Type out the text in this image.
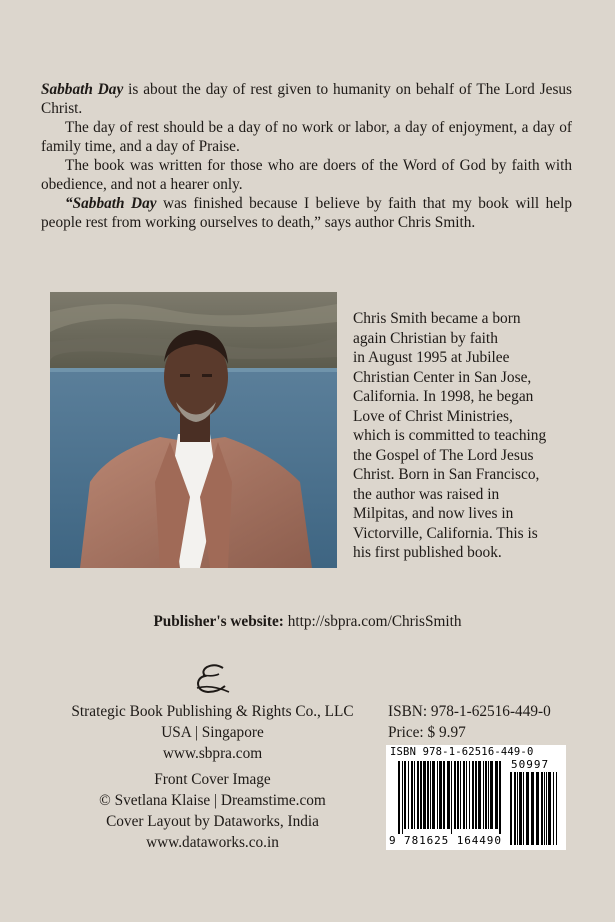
Sabbath Day is about the day of rest given to humanity on behalf of The Lord Jesus Christ.

The day of rest should be a day of no work or labor, a day of enjoyment, a day of family time, and a day of Praise.

The book was written for those who are doers of the Word of God by faith with obedience, and not a hearer only.

“Sabbath Day was finished because I believe by faith that my book will help people rest from working ourselves to death,” says author Chris Smith.

Chris Smith became a born
again Christian by faith
in August 1995 at Jubilee
Christian Center in San Jose,
California. In 1998, he began
Love of Christ Ministries,
which is committed to teaching
the Gospel of The Lord Jesus
Christ. Born in San Francisco,
the author was raised in
Milpitas, and now lives in
Victorville, California. This is
his first published book.
Publisher's website: http://sbpra.com/ChrisSmith
Strategic Book Publishing & Rights Co., LLC
USA | Singapore
www.sbpra.com
Front Cover Image
© Svetlana Klaise | Dreamstime.com
Cover Layout by Dataworks, India
www.dataworks.co.in
ISBN: 978-1-62516-449-0
Price: $ 9.97
ISBN 978-1-62516-449-0
50997
9 781625 164490
